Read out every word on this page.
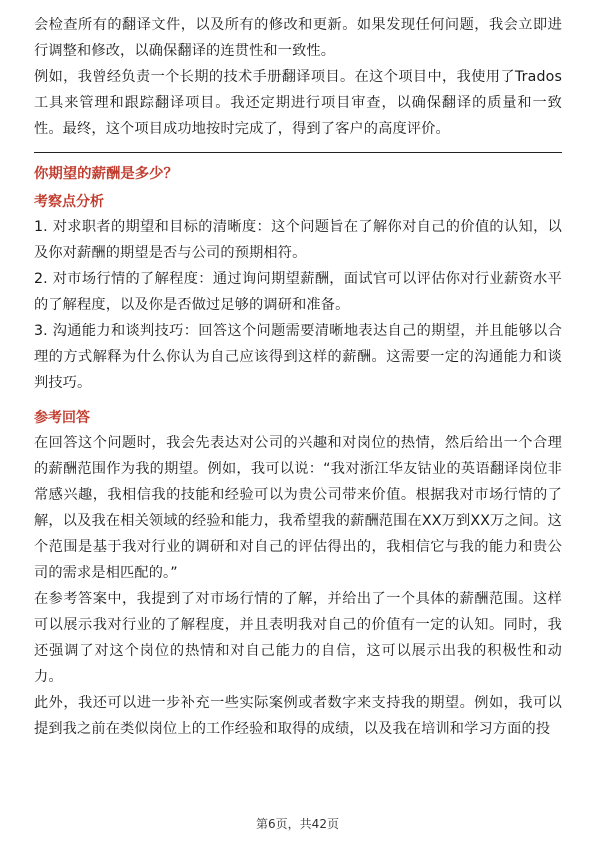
会检查所有的翻译文件，以及所有的修改和更新。如果发现任何问题，我会立即进行调整和修改，以确保翻译的连贯性和一致性。

例如，我曾经负责一个长期的技术手册翻译项目。在这个项目中，我使用了Trados工具来管理和跟踪翻译项目。我还定期进行项目审查，以确保翻译的质量和一致性。最终，这个项目成功地按时完成了，得到了客户的高度评价。

你期望的薪酬是多少？
考察点分析

1. 对求职者的期望和目标的清晰度：这个问题旨在了解你对自己的价值的认知，以及你对薪酬的期望是否与公司的预期相符。

2. 对市场行情的了解程度：通过询问期望薪酬，面试官可以评估你对行业薪资水平的了解程度，以及你是否做过足够的调研和准备。

3. 沟通能力和谈判技巧：回答这个问题需要清晰地表达自己的期望，并且能够以合理的方式解释为什么你认为自己应该得到这样的薪酬。这需要一定的沟通能力和谈判技巧。

参考回答

在回答这个问题时，我会先表达对公司的兴趣和对岗位的热情，然后给出一个合理的薪酬范围作为我的期望。例如，我可以说：“我对浙江华友钴业的英语翻译岗位非常感兴趣，我相信我的技能和经验可以为贵公司带来价值。根据我对市场行情的了解，以及我在相关领域的经验和能力，我希望我的薪酬范围在XX万到XX万之间。这个范围是基于我对行业的调研和对自己的评估得出的，我相信它与我的能力和贵公司的需求是相匹配的。”

在参考答案中，我提到了对市场行情的了解，并给出了一个具体的薪酬范围。这样可以展示我对行业的了解程度，并且表明我对自己的价值有一定的认知。同时，我还强调了对这个岗位的热情和对自己能力的自信，这可以展示出我的积极性和动力。

此外，我还可以进一步补充一些实际案例或者数字来支持我的期望。例如，我可以提到我之前在类似岗位上的工作经验和取得的成绩，以及我在培训和学习方面的投

第6页，共42页
